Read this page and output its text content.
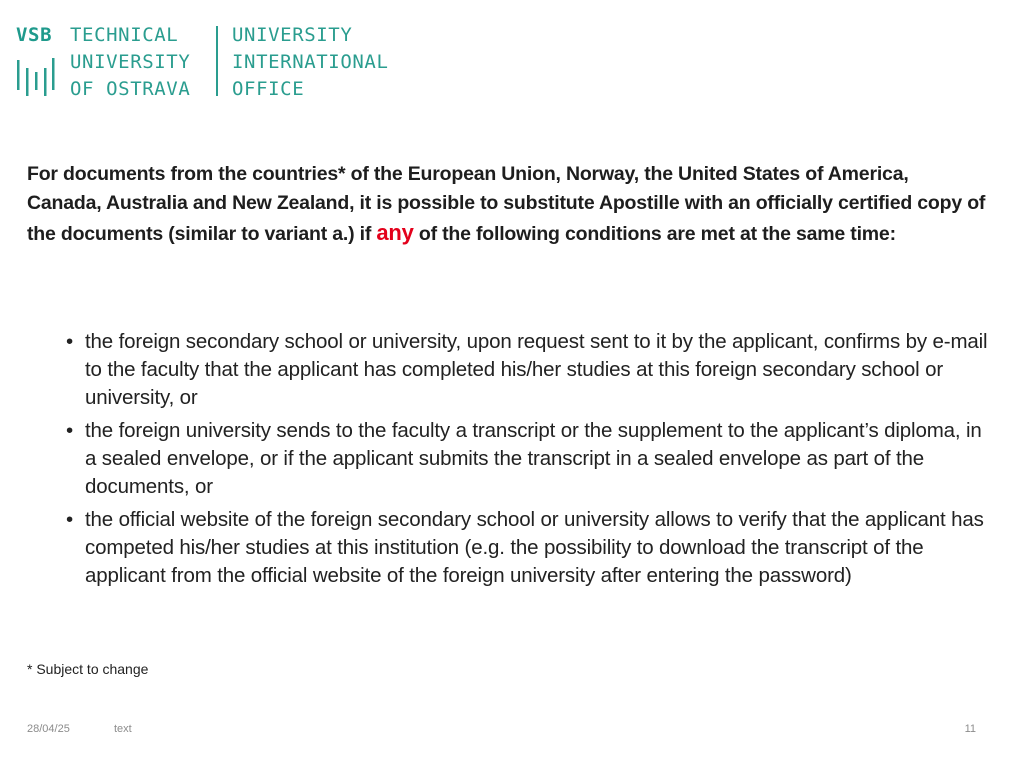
VSB TECHNICAL
UNIVERSITY
OF OSTRAVA
UNIVERSITY
INTERNATIONAL
OFFICE
For documents from the countries* of the European Union, Norway, the United States of America, Canada, Australia and New Zealand, it is possible to substitute Apostille with an officially certified copy of the documents (similar to variant a.) if any of the following conditions are met at the same time:
• the foreign secondary school or university, upon request sent to it by the applicant, confirms by e-mail to the faculty that the applicant has completed his/her studies at this foreign secondary school or university, or
• the foreign university sends to the faculty a transcript or the supplement to the applicant’s diploma, in a sealed envelope, or if the applicant submits the transcript in a sealed envelope as part of the documents, or
• the official website of the foreign secondary school or university allows to verify that the applicant has competed his/her studies at this institution (e.g. the possibility to download the transcript of the applicant from the official website of the foreign university after entering the password)
* Subject to change
28/04/25	text	11
